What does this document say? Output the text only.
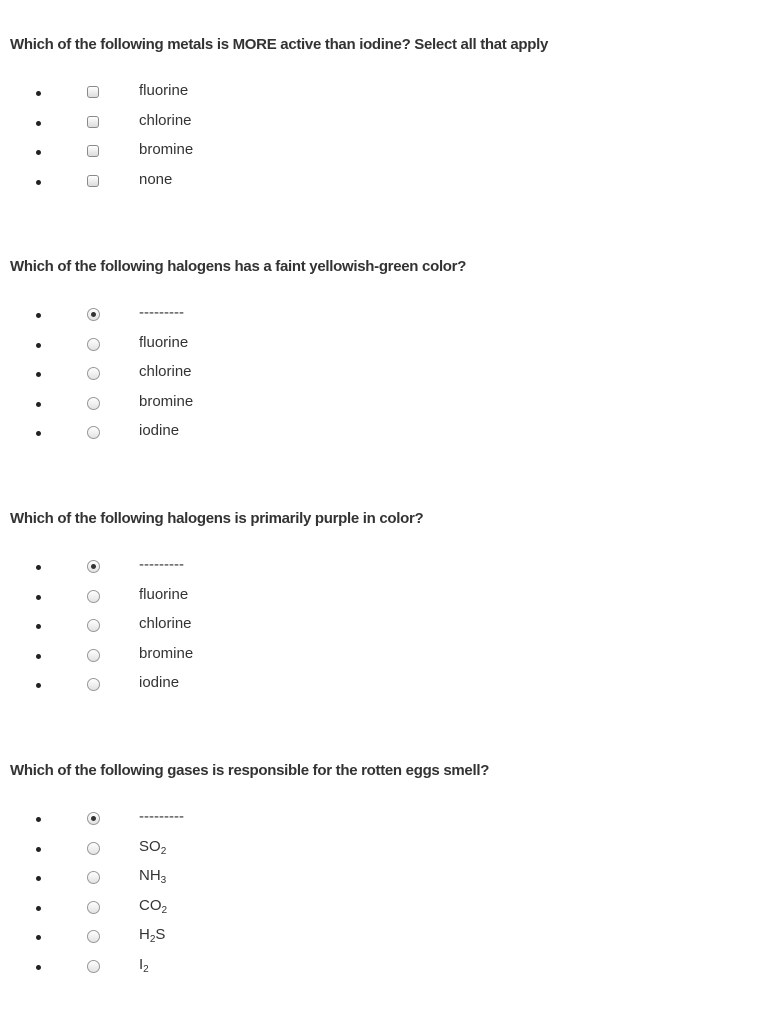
Which of the following metals is MORE active than iodine? Select all that apply
fluorine
chlorine
bromine
none
Which of the following halogens has a faint yellowish-green color?
---------
fluorine
chlorine
bromine
iodine
Which of the following halogens is primarily purple in color?
---------
fluorine
chlorine
bromine
iodine
Which of the following gases is responsible for the rotten eggs smell?
---------
$SO_2$
$NH_3$
$CO_2$
$H_2S$
$I_2$
